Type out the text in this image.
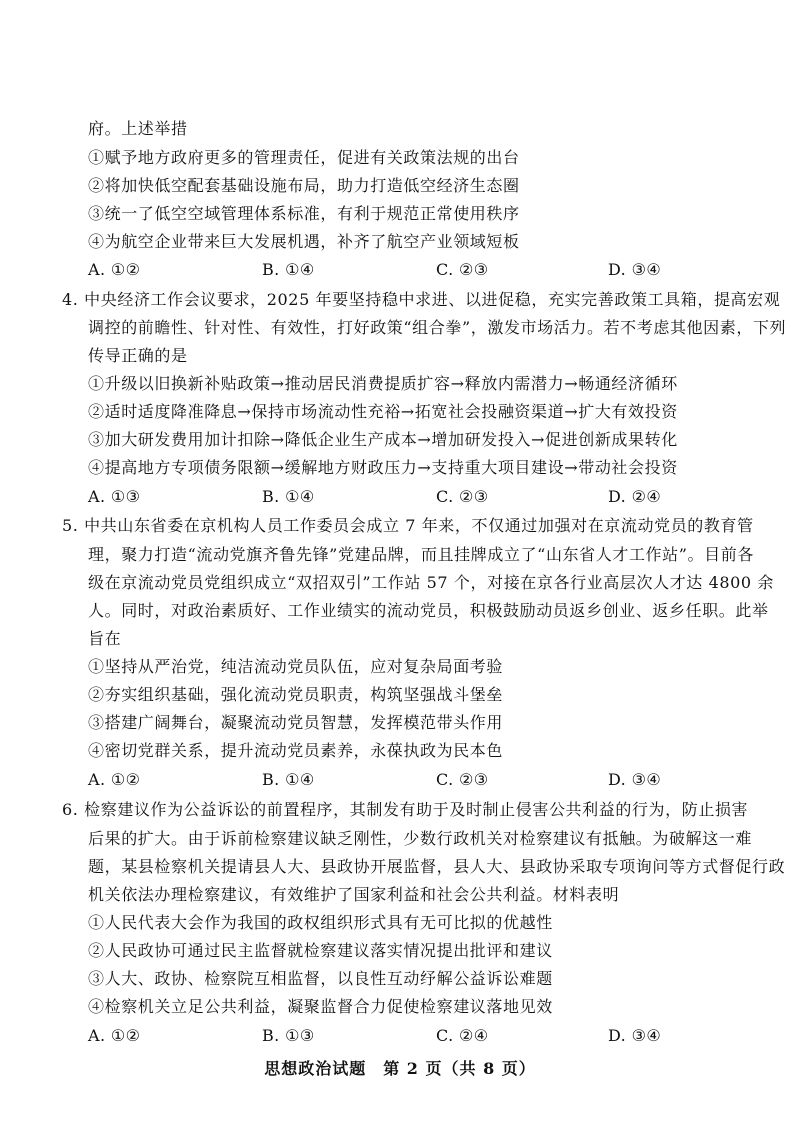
府。上述举措
①赋予地方政府更多的管理责任，促进有关政策法规的出台
②将加快低空配套基础设施布局，助力打造低空经济生态圈
③统一了低空空域管理体系标准，有利于规范正常使用秩序
④为航空企业带来巨大发展机遇，补齐了航空产业领域短板
A. ①②	B. ①④	C. ②③	D. ③④
4. 中央经济工作会议要求，2025 年要坚持稳中求进、以进促稳，充实完善政策工具箱，提高宏观
调控的前瞻性、针对性、有效性，打好政策“组合拳”，激发市场活力。若不考虑其他因素，下列
传导正确的是
①升级以旧换新补贴政策→推动居民消费提质扩容→释放内需潜力→畅通经济循环
②适时适度降准降息→保持市场流动性充裕→拓宽社会投融资渠道→扩大有效投资
③加大研发费用加计扣除→降低企业生产成本→增加研发投入→促进创新成果转化
④提高地方专项债务限额→缓解地方财政压力→支持重大项目建设→带动社会投资
A. ①③	B. ①④	C. ②③	D. ②④
5. 中共山东省委在京机构人员工作委员会成立 7 年来，不仅通过加强对在京流动党员的教育管
理，聚力打造“流动党旗齐鲁先锋”党建品牌，而且挂牌成立了“山东省人才工作站”。目前各
级在京流动党员党组织成立“双招双引”工作站 57 个，对接在京各行业高层次人才达 4800 余
人。同时，对政治素质好、工作业绩实的流动党员，积极鼓励动员返乡创业、返乡任职。此举
旨在
①坚持从严治党，纯洁流动党员队伍，应对复杂局面考验
②夯实组织基础，强化流动党员职责，构筑坚强战斗堡垒
③搭建广阔舞台，凝聚流动党员智慧，发挥模范带头作用
④密切党群关系，提升流动党员素养，永葆执政为民本色
A. ①②	B. ①④	C. ②③	D. ③④
6. 检察建议作为公益诉讼的前置程序，其制发有助于及时制止侵害公共利益的行为，防止损害
后果的扩大。由于诉前检察建议缺乏刚性，少数行政机关对检察建议有抵触。为破解这一难
题，某县检察机关提请县人大、县政协开展监督，县人大、县政协采取专项询问等方式督促行政
机关依法办理检察建议，有效维护了国家利益和社会公共利益。材料表明
①人民代表大会作为我国的政权组织形式具有无可比拟的优越性
②人民政协可通过民主监督就检察建议落实情况提出批评和建议
③人大、政协、检察院互相监督，以良性互动纾解公益诉讼难题
④检察机关立足公共利益，凝聚监督合力促使检察建议落地见效
A. ①②	B. ①③	C. ②④	D. ③④
思想政治试题　第 2 页（共 8 页）
